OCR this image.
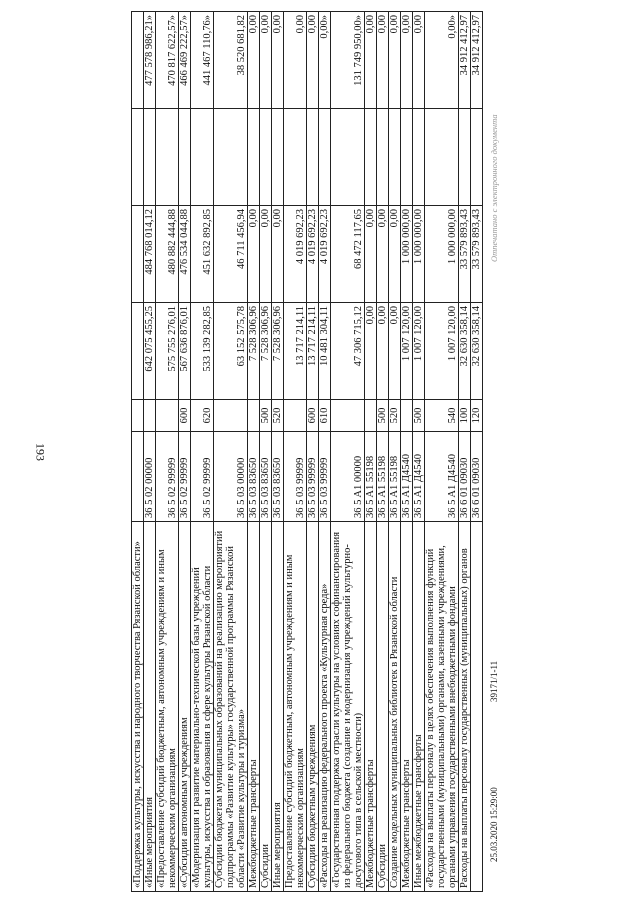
193
«Поддержка культуры, искусства и народного творчества Рязанской области»						
«Иные мероприятия	36 5 02 00000		642 075 455,25	484 768 014,12		477 578 986,21»
«Предоставление субсидий бюджетным, автономным учреждениям и иным некоммерческим организациям	36 5 02 99999		575 755 276,01	480 882 444,88		470 817 622,57»
«Субсидии автономным учреждениям	36 5 02 99999	600	567 636 876,01	476 534 044,88		466 469 222,57»
«Модернизация и развитие материально-технической базы учреждений культуры, искусства и образования в сфере культуры Рязанской области	36 5 02 99999	620	533 139 282,85	451 632 892,85		441 467 110,76»
Субсидии бюджетам муниципальных образований на реализацию мероприятий подпрограммы «Развитие культуры» государственной программы Рязанской области «Развитие культуры и туризма»	36 5 03 00000		63 152 575,78	46 711 456,94		38 520 681,82
Межбюджетные трансферты	36 5 03 83650		7 528 306,96	0,00		0,00
Субсидии	36 5 03 83650	500	7 528 306,96	0,00		0,00
Иные мероприятия	36 5 03 83650	520	7 528 306,96	0,00		0,00
Предоставление субсидий бюджетным, автономным учреждениям и иным некоммерческим организациям	36 5 03 99999		13 717 214,11	4 019 692,23		0,00
Субсидии бюджетным учреждениям	36 5 03 99999	600	13 717 214,11	4 019 692,23		0,00
«Расходы на реализацию федерального проекта «Культурная среда»	36 5 03 99999	610	10 481 304,11	4 019 692,23		0,00»
«Государственная поддержка отрасли культуры на условиях софинансирования из федерального бюджета (создание и модернизация учреждений культурно-досугового типа в сельской местности)	36 5 A1 00000		47 306 715,12	68 472 117,65		131 749 950,00»
Межбюджетные трансферты	36 5 A1 55198		0,00	0,00		0,00
Субсидии	36 5 A1 55198	500	0,00	0,00		0,00
Создание модельных муниципальных библиотек в Рязанской области	36 5 A1 55198	520	0,00	0,00		0,00
Межбюджетные трансферты	36 5 A1 Д4540		1 007 120,00	1 000 000,00		0,00
Иные межбюджетные трансферты	36 5 A1 Д4540	500	1 007 120,00	1 000 000,00		0,00
«Расходы на выплаты персоналу в целях обеспечения выполнения функций государственными (муниципальными) органами, казенными учреждениями, органами управления государственными внебюджетными фондами	36 5 A1 Д4540	540	1 007 120,00	1 000 000,00		0,00»
Расходы на выплаты персоналу государственных (муниципальных) органов	36 6 01 09030	100	32 630 358,14	33 579 893,43		34 912 412,97
	36 6 01 09030	120	32 630 358,14	33 579 893,43		34 912 412,97
25.03.2020 15:29:00
39171/1-11
Отпечатано с электронного документа
